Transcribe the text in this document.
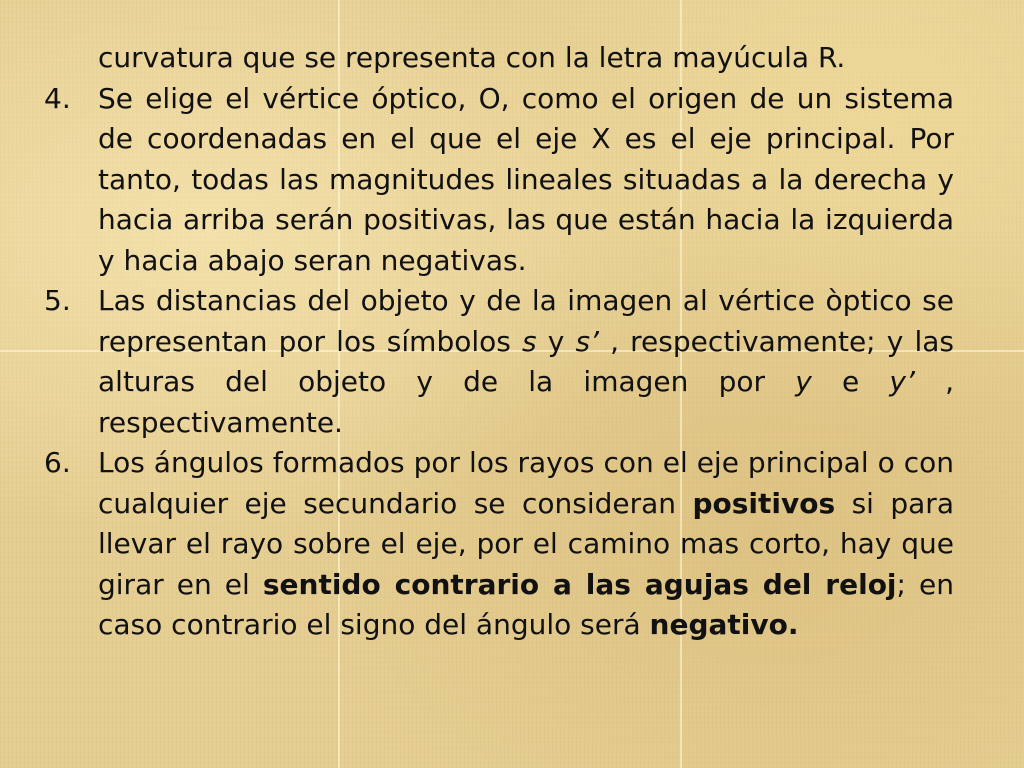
curvatura que se representa con la letra mayúcula R.

4. Se elige el vértice óptico, O, como el origen de un sistema de coordenadas en el que el eje X es el eje principal. Por tanto, todas las magnitudes lineales situadas a la derecha y hacia arriba serán positivas, las que están hacia la izquierda y hacia abajo seran negativas.
5. Las distancias del objeto y de la imagen al vértice òptico se representan por los símbolos s y s’ , respectivamente; y las alturas del objeto y de la imagen por y e y’ , respectivamente.
6. Los ángulos formados por los rayos con el eje principal o con cualquier eje secundario se consideran positivos si para llevar el rayo sobre el eje, por el camino mas corto, hay que girar en el sentido contrario a las agujas del reloj; en caso contrario el signo del ángulo será negativo.
